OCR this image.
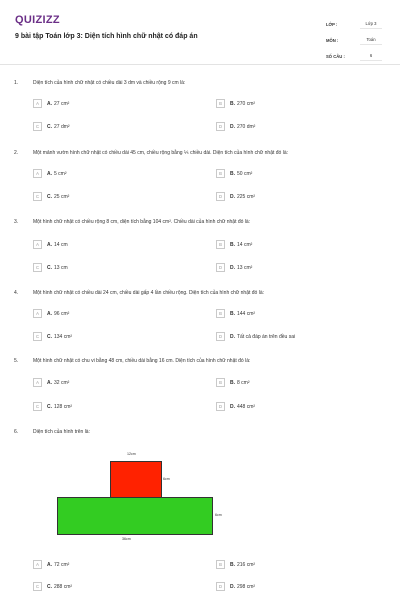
QUIZIZZ
9 bài tập Toán lớp 3: Diện tích hình chữ nhật có đáp án
LỚP :	Lớp 3
MÔN :	Toán
SỐ CÂU :	6
1.	Diện tích của hình chữ nhật có chiều dài 3 dm và chiều rộng 9 cm là:
A	A. 27 cm²	B	B. 270 cm²
C	C. 27 dm²	D	D. 270 dm²
2.	Một mảnh vườn hình chữ nhật có chiều dài 45 cm, chiều rộng bằng ⅕ chiều dài. Diện tích của hình chữ nhật đó là:
A	A. 5 cm²	B	B. 50 cm²
C	C. 25 cm²	D	D. 225 cm²
3.	Một hình chữ nhật có chiều rộng 8 cm, diện tích bằng 104 cm². Chiều dài của hình chữ nhật đó là:
A	A. 14 cm	B	B. 14 cm²
C	C. 13 cm	D	D. 13 cm²
4.	Một hình chữ nhật có chiều dài 24 cm, chiều dài gấp 4 lần chiều rộng. Diện tích của hình chữ nhật đó là:
A	A. 96 cm²	B	B. 144 cm²
C	C. 134 cm²	D	D. Tất cả đáp án trên đều sai
5.	Một hình chữ nhật có chu vi bằng 48 cm, chiều dài bằng 16 cm. Diện tích của hình chữ nhật đó là:
A	A. 32 cm²	B	B. 8 cm²
C	C. 128 cm²	D	D. 448 cm²
6.	Diện tích của hình trên là:
12cm
6cm
6cm
36cm
A	A. 72 cm²	B	B. 216 cm²
C	C. 288 cm²	D	D. 298 cm²
